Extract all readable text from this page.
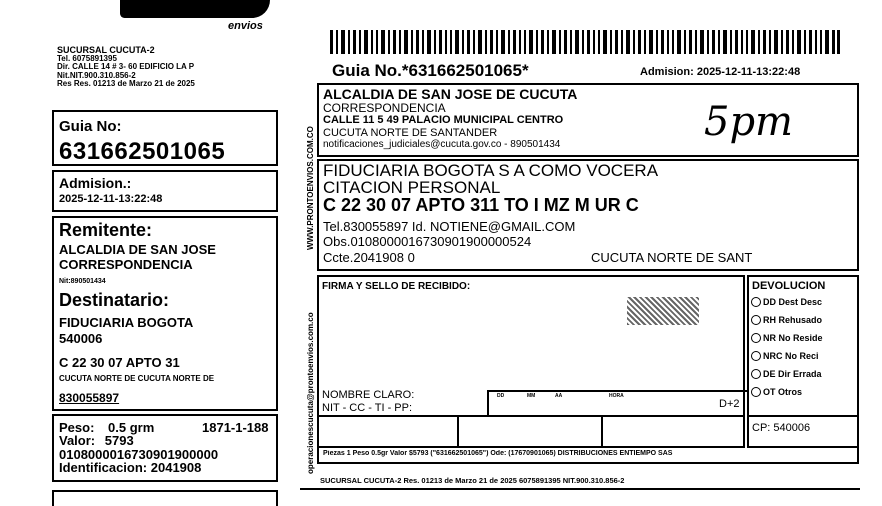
envios
SUCURSAL CUCUTA-2
Tel. 6075891395
Dir. CALLE 14 # 3- 60 EDIFICIO LA P
Nit.NIT.900.310.856-2
Res Res. 01213 de Marzo 21 de 2025
Guia No:
631662501065
Admision.:
2025-12-11-13:22:48
Remitente:
ALCALDIA DE SAN JOSE
CORRESPONDENCIA
Nit:890501434
Destinatario:
FIDUCIARIA BOGOTA
540006
C 22 30 07 APTO 31
CUCUTA NORTE DE CUCUTA NORTE DE
830055897
Peso: 0.5 grm	1871-1-188
Valor: 5793
0108000016730901900000
Identificacion: 2041908	operacionescucuta@prontoenvios.com.co
WWW.PRONTOENVIOS.COM.CO
Guia No.*631662501065*	Admision: 2025-12-11-13:22:48
ALCALDIA DE SAN JOSE DE CUCUTA
CORRESPONDENCIA
CALLE 11 5 49 PALACIO MUNICIPAL CENTRO
CUCUTA NORTE DE SANTANDER
notificaciones_judiciales@cucuta.gov.co - 890501434	5pm
FIDUCIARIA BOGOTA S A COMO VOCERA
CITACION PERSONAL
C 22 30 07 APTO 311 TO I MZ M UR C
Tel.830055897 Id. NOTIENE@GMAIL.COM
Obs.0108000016730901900000524
Ccte.2041908 0	CUCUTA NORTE DE SANT
FIRMA Y SELLO DE RECIBIDO:
NOMBRE CLARO:
NIT - CC - TI - PP:
DD	MM	AA	HORA
D+2
DEVOLUCION
DD Dest Desc
RH Rehusado
NR No Reside
NRC No Reci
DE Dir Errada
OT Otros
CP: 540006
Piezas 1 Peso 0.5gr Valor $5793 ("631662501065") Ode: (17670901065) DISTRIBUCIONES ENTIEMPO SAS
SUCURSAL CUCUTA-2 Res. 01213 de Marzo 21 de 2025 6075891395 NIT.900.310.856-2
